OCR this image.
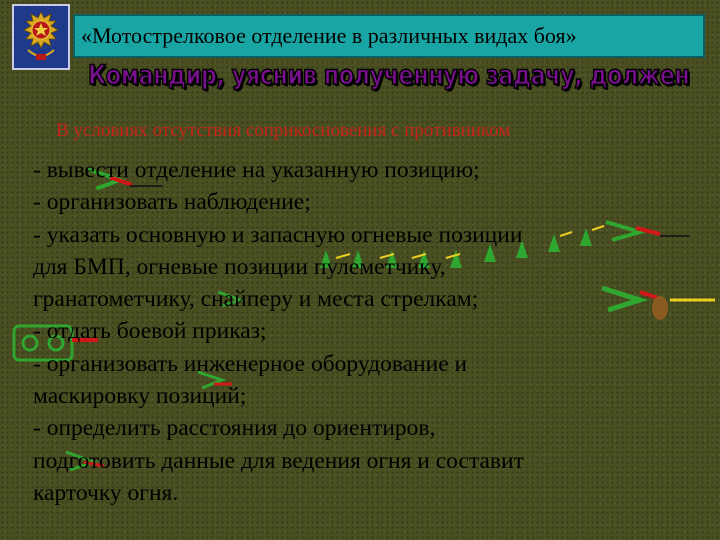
«Мотострелковое отделение в различных видах боя»
Командир, уяснив полученную задачу, должен
В условиях отсутствия соприкосновения с противником
- вывести отделение на указанную позицию;
- организовать наблюдение;
- указать основную и запасную огневые позиции
для БМП, огневые позиции пулеметчику,
гранатометчику, снайперу и места стрелкам;
- отдать боевой приказ;
- организовать инженерное оборудование и
маскировку позиций;
- определить расстояния до ориентиров,
подготовить данные для ведения огня и составит
карточку огня.
